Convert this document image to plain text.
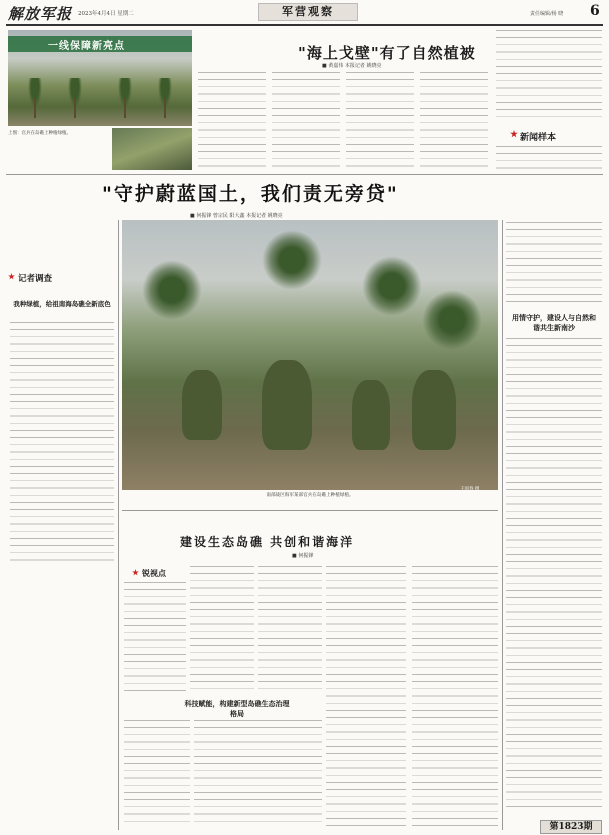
解放军报 2023年4月4日 星期二	军营观察	责任编辑/杨 晓 6
一线保障新亮点
上图：官兵在岛礁上种植绿植。
"海上戈壁"有了自然植被
■ 黄嘉伟 本报记者 姚晓亮
新闻样本
"守护蔚蓝国土，我们责无旁贷"
■ 何振锋 曾宗民 阳大鑫 本报记者 姚晓亮
记者调查
我种绿植，给祖南海岛礁全新底色
王国春 摄
南部战区海军某部官兵在岛礁上种植绿植。
用情守护，建设人与自然和谐共生新南沙
建设生态岛礁 共创和谐海洋
■ 何振锋
锐视点
科技赋能，构建新型岛礁生态治理格局
第1823期
